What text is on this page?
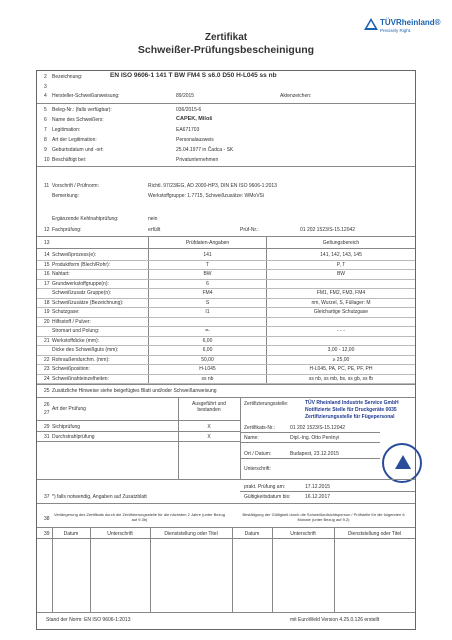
TÜVRheinland®
Precisely Right.
Zertifikat
Schweißer-Prüfungsbescheinigung
2 Bezeichnung:	EN ISO 9606-1 141 T BW FM4 S s6.0 D50 H-L045 ss nb
3
4 Hersteller-Schweißanweisung:	89/2015	Aktenzeichen:
5 Beleg-Nr.: (falls verfügbar):	036/2015-6
6 Name des Schweißers:	CAPEK, Miloš
7 Legitimation:	EA671703
8 Art der Legitimation:	Personalausweis
9 Geburtsdatum und -ort:	25.04.1977 in Čadca - SK
10 Beschäftigt bei:	Privatunternehmen
11 Vorschrift / Prüfnorm:	Richtl. 97/23/EG, AD 2000-HP3, DIN EN ISO 9606-1:2013
Bemerkung:	Werkstoffgruppe: 1.7715, Schweißzusätze: WMoVSi
Ergänzende Kehlnahtprüfung:	nein
12 Fachprüfung:	erfüllt	Prüf-Nr.:	01 202 1523/S-15.12042
13	Prüfdaten-Angaben	Geltungsbereich
14 Schweißprozess(e):	141	141, 142, 143, 145
15 Produktform (Blech/Rohr):	T	P, T
16 Nahtart:	BW	BW
17 Grundwerkstoffgruppe(n):	6
Schweißzusatz Gruppe(n):	FM4	FM1, FM2, FM3, FM4
18 Schweißzusätze (Bezeichnung):	S	nm, Wurzel, S, Füllager: M
19 Schutzgase:	I1	Gleichartige Schutzgase
20 Hilfsstoff / Pulver:
Stromart und Polung:	=-	- - -
21 Werkstoffdicke (mm):	6,00
Dicke des Schweißguts (mm):	6,00	3,00 - 12,00
22 Rohraußendurchm. (mm):	50,00	≥ 25,00
23 Schweißposition:	H-L045	H-L045, PA, PC, PE, PF, PH
24 Schweißnahteinzelheiten:	ss nb	ss nb, ss mb, bs, ss gb, ss fb
25 Zusätzliche Hinweise siehe beigefügtes Blatt und/oder Schweißanweisung
26
27
Art der Prüfung
Ausgeführt und bestanden
Zertifizierungsstelle:	TÜV Rheinland Industrie Service GmbH
Notifizierte Stelle für Druckgeräte 0035
Zertifizierungsstelle für Fügepersonal
29 Sichtprüfung	X
31 Durchstrahlprüfung	X
Zertifikats-Nr.:	01 202 1523/S-15.12042
Name:	Dipl.-Ing. Otto Perényi
Ort / Datum:	Budapest, 23.12.2015
Unterschrift:
prakt. Prüfung am:	17.12.2015
37 *) falls notwendig, Angaben auf Zusatzblatt	Gültigkeitsdatum bis:	16.12.2017
38
Verlängerung des Zertifikats durch die Zertifizierungsstelle für die nächsten 2 Jahre (unter Bezug auf 9.3b)
Bestätigung der Gültigkeit durch die Schweißaufsichtsperson / Prüfstelle für die folgenden 6 Monate (unter Bezug auf 9.2)
39	Datum	Unterschrift	Dienststellung oder Titel	Datum	Unterschrift	Dienststellung oder Titel
Stand der Norm: EN ISO 9606-1:2013	mit EuroWeld Version 4.25.0.126 erstellt
